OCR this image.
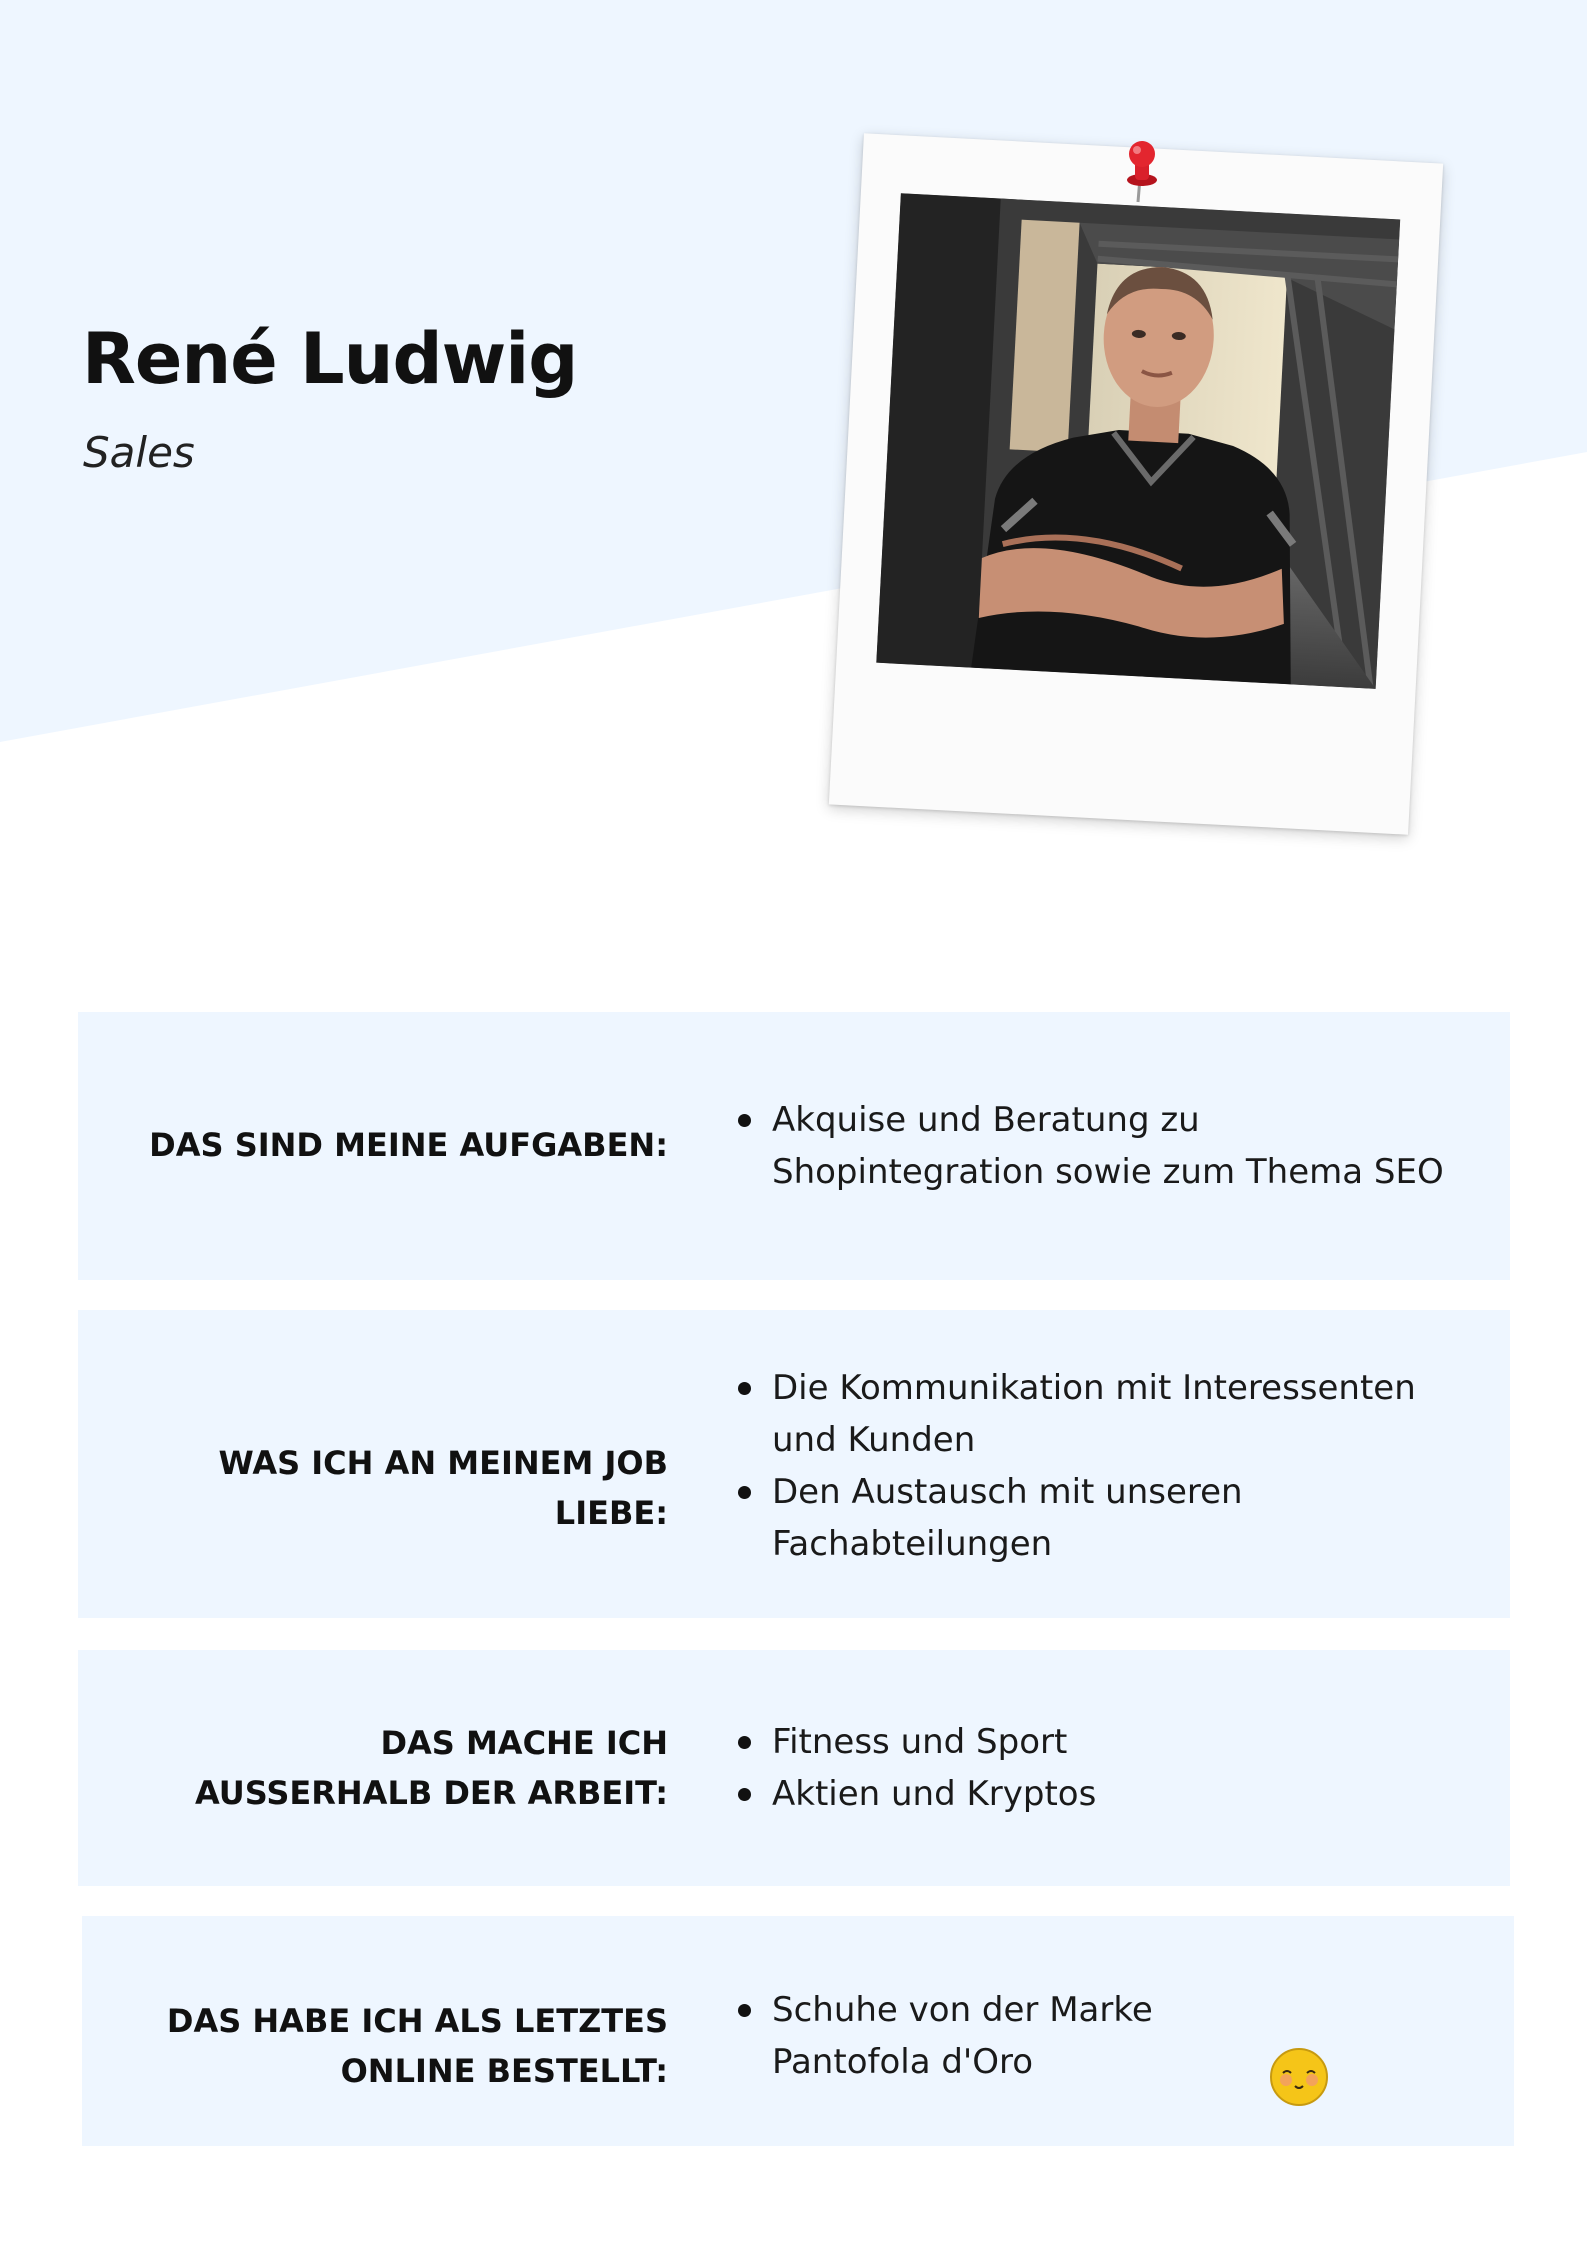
René Ludwig
Sales
DAS SIND MEINE AUFGABEN:
Akquise und Beratung zu
Shopintegration sowie zum Thema SEO
WAS ICH AN MEINEM JOB LIEBE:
Die Kommunikation mit Interessenten
und Kunden
Den Austausch mit unseren
Fachabteilungen
DAS MACHE ICH
AUSSERHALB DER ARBEIT:
Fitness und Sport
Aktien und Kryptos
DAS HABE ICH ALS LETZTES
ONLINE BESTELLT:
Schuhe von der Marke
Pantofola d'Oro
